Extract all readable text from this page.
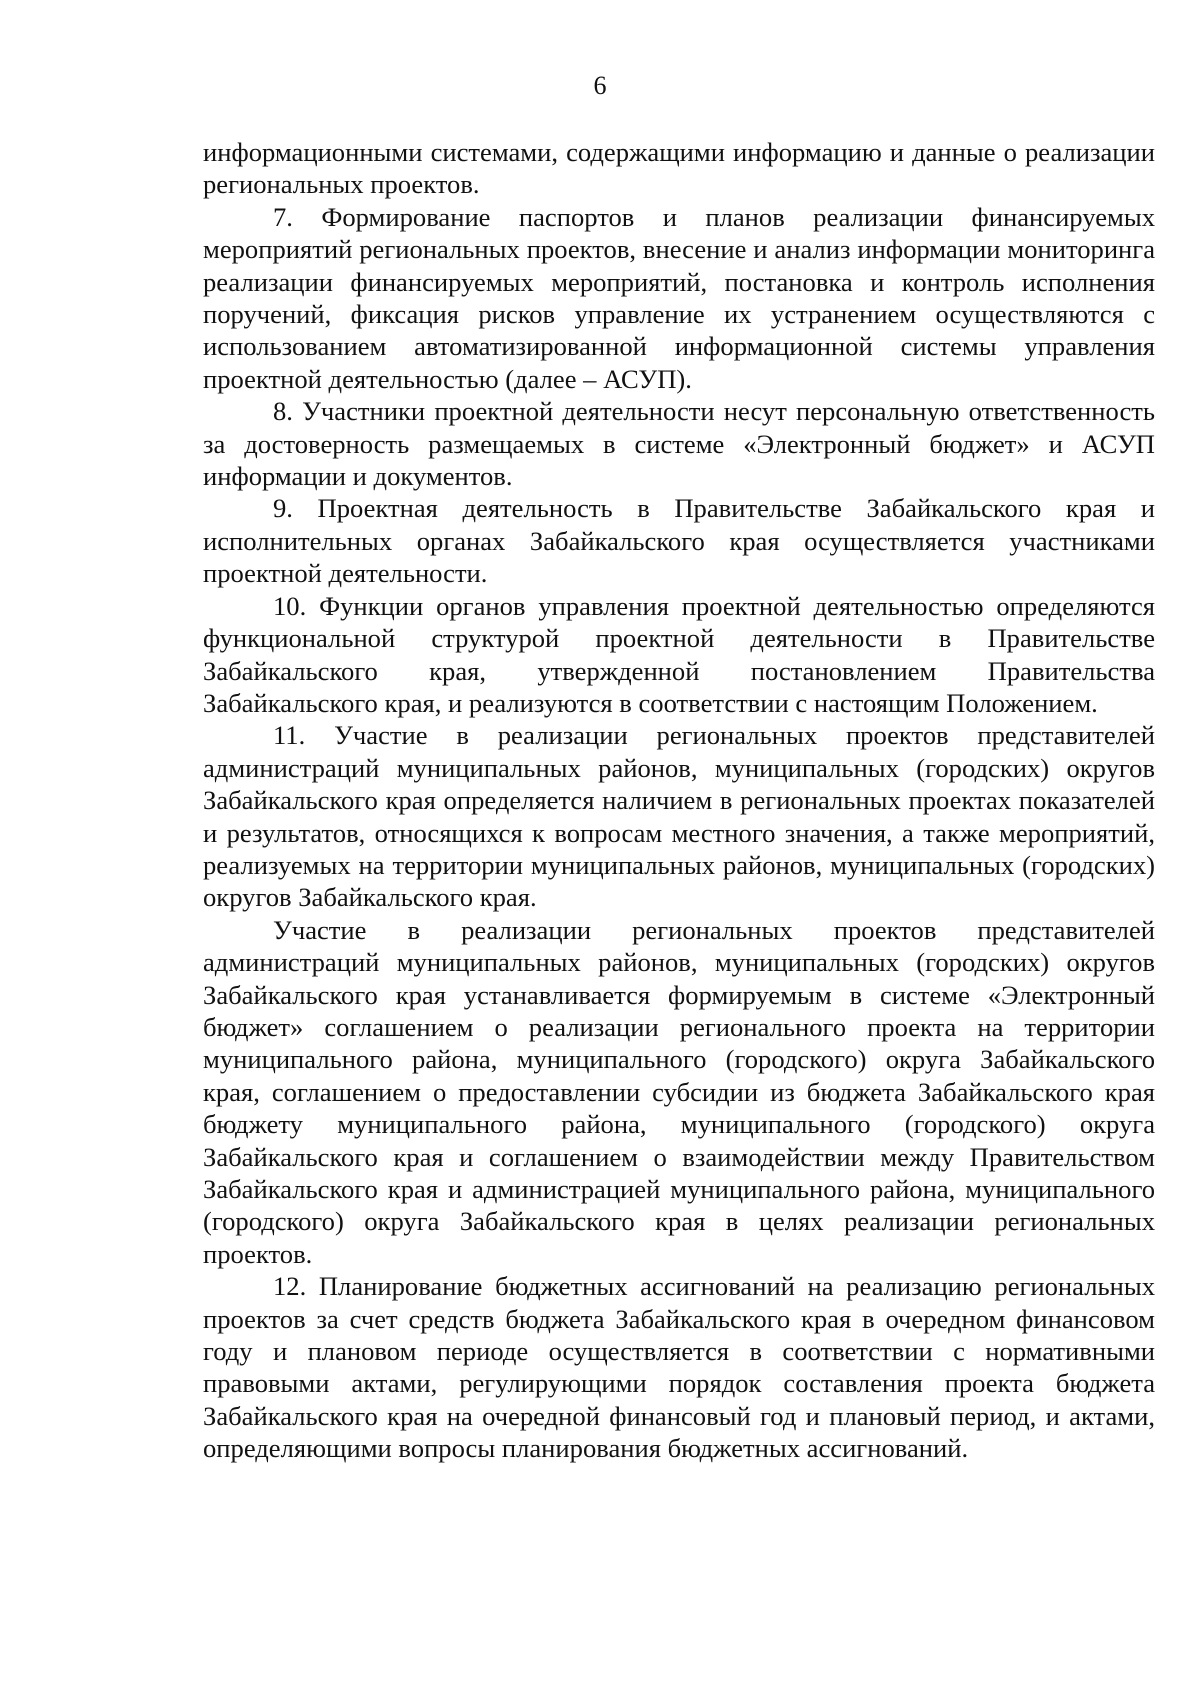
6

информационными системами, содержащими информацию и данные о реализации региональных проектов.

7. Формирование паспортов и планов реализации финансируемых мероприятий региональных проектов, внесение и анализ информации мониторинга реализации финансируемых мероприятий, постановка и контроль исполнения поручений, фиксация рисков управление их устранением осуществляются с использованием автоматизированной информационной системы управления проектной деятельностью (далее – АСУП).

8. Участники проектной деятельности несут персональную ответственность за достоверность размещаемых в системе «Электронный бюджет» и АСУП информации и документов.

9. Проектная деятельность в Правительстве Забайкальского края и исполнительных органах Забайкальского края осуществляется участниками проектной деятельности.

10. Функции органов управления проектной деятельностью определяются функциональной структурой проектной деятельности в Правительстве Забайкальского края, утвержденной постановлением Правительства Забайкальского края, и реализуются в соответствии с настоящим Положением.

11. Участие в реализации региональных проектов представителей администраций муниципальных районов, муниципальных (городских) округов Забайкальского края определяется наличием в региональных проектах показателей и результатов, относящихся к вопросам местного значения, а также мероприятий, реализуемых на территории муниципальных районов, муниципальных (городских) округов Забайкальского края.

Участие в реализации региональных проектов представителей администраций муниципальных районов, муниципальных (городских) округов Забайкальского края устанавливается формируемым в системе «Электронный бюджет» соглашением о реализации регионального проекта на территории муниципального района, муниципального (городского) округа Забайкальского края, соглашением о предоставлении субсидии из бюджета Забайкальского края бюджету муниципального района, муниципального (городского) округа Забайкальского края и соглашением о взаимодействии между Правительством Забайкальского края и администрацией муниципального района, муниципального (городского) округа Забайкальского края в целях реализации региональных проектов.

12. Планирование бюджетных ассигнований на реализацию региональных проектов за счет средств бюджета Забайкальского края в очередном финансовом году и плановом периоде осуществляется в соответствии с нормативными правовыми актами, регулирующими порядок составления проекта бюджета Забайкальского края на очередной финансовый год и плановый период, и актами, определяющими вопросы планирования бюджетных ассигнований.
